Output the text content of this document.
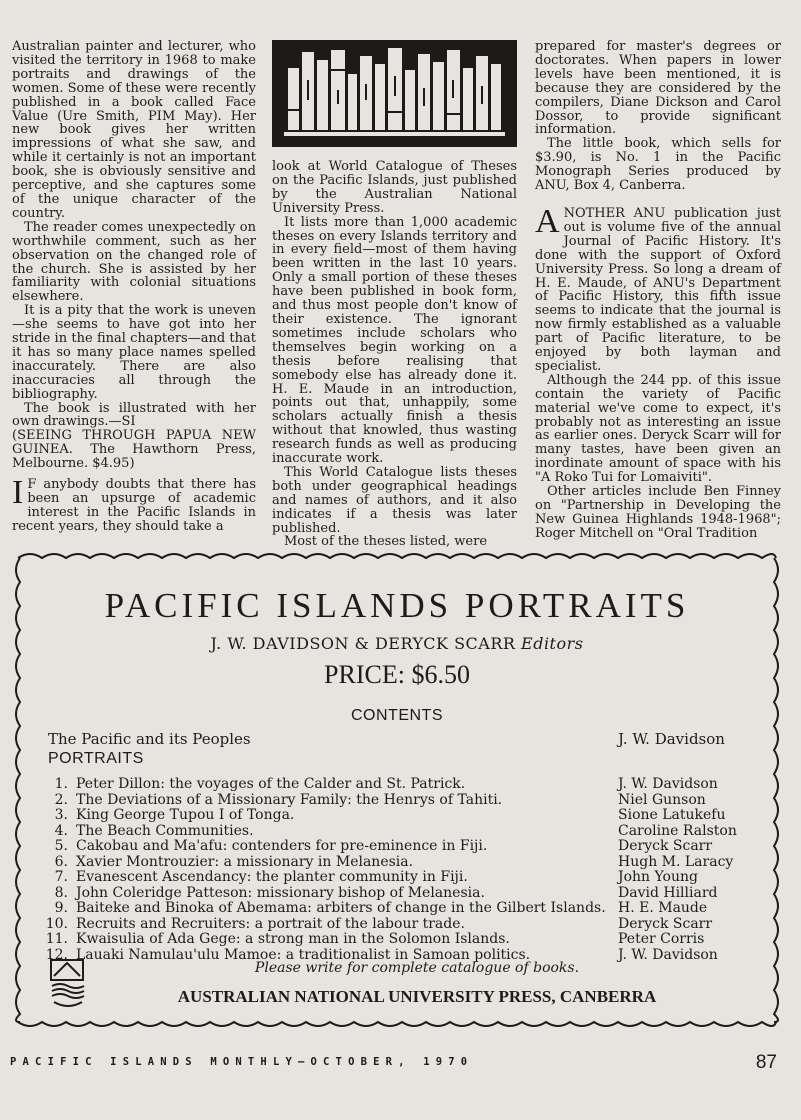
Australian painter and lecturer, who visited the territory in 1968 to make portraits and drawings of the women. Some of these were recently published in a book called Face Value (Ure Smith, PIM May). Her new book gives her written impressions of what she saw, and while it certainly is not an important book, she is obviously sensitive and perceptive, and she captures some of the unique character of the country.

The reader comes unexpectedly on worthwhile comment, such as her observation on the changed role of the church. She is assisted by her familiarity with colonial situations elsewhere.

It is a pity that the work is uneven —she seems to have got into her stride in the final chapters—and that it has so many place names spelled inaccurately. There are also inaccuracies all through the bibliography.

The book is illustrated with her own drawings.—SI

(SEEING THROUGH PAPUA NEW GUINEA. The Hawthorn Press, Melbourne. $4.95)

I F anybody doubts that there has been an upsurge of academic interest in the Pacific Islands in recent years, they should take a

look at World Catalogue of Theses on the Pacific Islands, just published by the Australian National University Press.

It lists more than 1,000 academic theses on every Islands territory and in every field—most of them having been written in the last 10 years. Only a small portion of these theses have been published in book form, and thus most people don't know of their existence. The ignorant sometimes include scholars who themselves begin working on a thesis before realising that somebody else has already done it. H. E. Maude in an introduction, points out that, unhappily, some scholars actually finish a thesis without that knowled, thus wasting research funds as well as producing inaccurate work.

This World Catalogue lists theses both under geographical headings and names of authors, and it also indicates if a thesis was later published.

Most of the theses listed, were

prepared for master's degrees or doctorates. When papers in lower levels have been mentioned, it is because they are considered by the compilers, Diane Dickson and Carol Dossor, to provide significant information.

The little book, which sells for $3.90, is No. 1 in the Pacific Monograph Series produced by ANU, Box 4, Canberra.

ANOTHER ANU publication just out is volume five of the annual Journal of Pacific History. It's done with the support of Oxford University Press. So long a dream of H. E. Maude, of ANU's Department of Pacific History, this fifth issue seems to indicate that the journal is now firmly established as a valuable part of Pacific literature, to be enjoyed by both layman and specialist.

Although the 244 pp. of this issue contain the variety of Pacific material we've come to expect, it's probably not as interesting an issue as earlier ones. Deryck Scarr will for many tastes, have been given an inordinate amount of space with his "A Roko Tui for Lomaiviti".

Other articles include Ben Finney on "Partnership in Developing the New Guinea Highlands 1948-1968"; Roger Mitchell on "Oral Tradition

PACIFIC ISLANDS PORTRAITS
J. W. DAVIDSON & DERYCK SCARR Editors
PRICE: $6.50
CONTENTS
The Pacific and its Peoples	J. W. Davidson
PORTRAITS
1. Peter Dillon: the voyages of the Calder and St. Patrick.	J. W. Davidson
2. The Deviations of a Missionary Family: the Henrys of Tahiti.	Niel Gunson
3. King George Tupou I of Tonga.	Sione Latukefu
4. The Beach Communities.	Caroline Ralston
5. Cakobau and Ma'afu: contenders for pre-eminence in Fiji.	Deryck Scarr
6. Xavier Montrouzier: a missionary in Melanesia.	Hugh M. Laracy
7. Evanescent Ascendancy: the planter community in Fiji.	John Young
8. John Coleridge Patteson: missionary bishop of Melanesia.	David Hilliard
9. Baiteke and Binoka of Abemama: arbiters of change in the Gilbert Islands. H. E. Maude
10. Recruits and Recruiters: a portrait of the labour trade.	Deryck Scarr
11. Kwaisulia of Ada Gege: a strong man in the Solomon Islands.	Peter Corris
12. Lauaki Namulau'ulu Mamoe: a traditionalist in Samoan politics.	J. W. Davidson
Please write for complete catalogue of books.
AUSTRALIAN NATIONAL UNIVERSITY PRESS, CANBERRA
PACIFIC ISLANDS MONTHLY—OCTOBER, 1970	87
